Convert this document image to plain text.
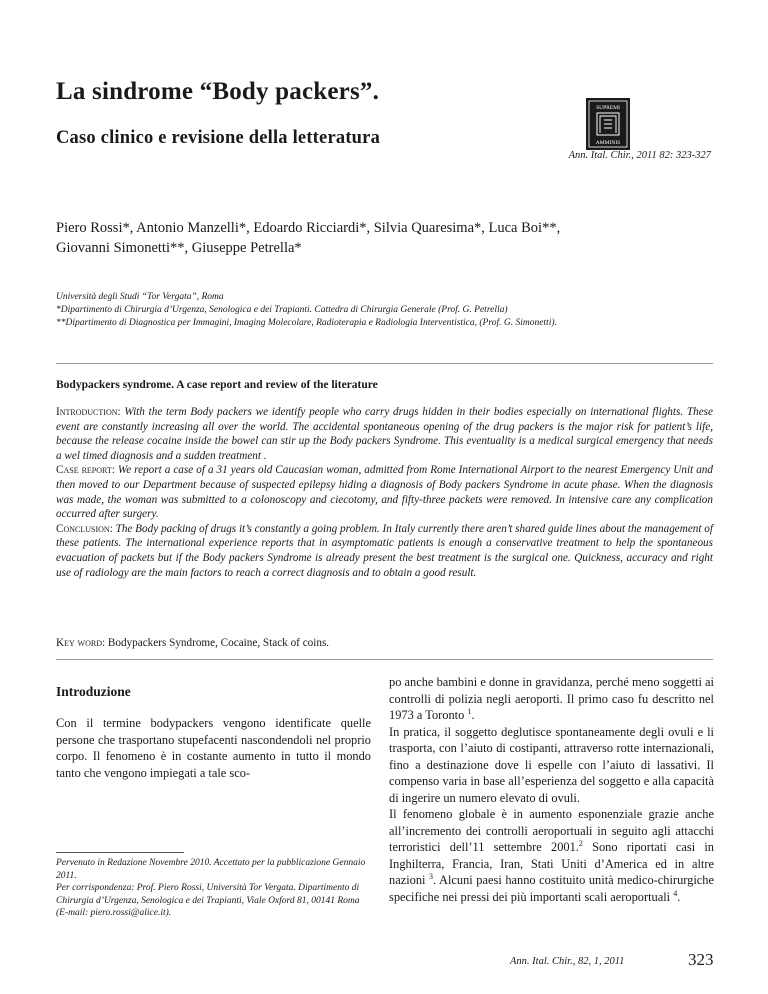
La sindrome “Body packers”.
Caso clinico e revisione della letteratura
SUPREMI
AMMINIS
Ann. Ital. Chir., 2011 82: 323-327
Piero Rossi*, Antonio Manzelli*, Edoardo Ricciardi*, Silvia Quaresima*, Luca Boi**,
Giovanni Simonetti**, Giuseppe Petrella*
Università degli Studi “Tor Vergata”, Roma
*Dipartimento di Chirurgia d’Urgenza, Senologica e dei Trapianti. Cattedra di Chirurgia Generale (Prof. G. Petrella)
**Dipartimento di Diagnostica per Immagini, Imaging Molecolare, Radioterapia e Radiologia Interventistica, (Prof. G. Simonetti).
Bodypackers syndrome. A case report and review of the literature
Introduction: With the term Body packers we identify people who carry drugs hidden in their bodies especially on international flights. These event are constantly increasing all over the world. The accidental spontaneous opening of the drug packers is the major risk for patient’s life, because the release cocaine inside the bowel can stir up the Body packers Syndrome. This eventuality is a medical surgical emergency that needs a wel timed diagnosis and a sudden treatment .
Case report: We report a case of a 31 years old Caucasian woman, admitted from Rome International Airport to the nearest Emergency Unit and then moved to our Department because of suspected epilepsy hiding a diagnosis of Body packers Syndrome in acute phase. When the diagnosis was made, the woman was submitted to a colonoscopy and ciecotomy, and fifty-three packets were removed. In intensive care any complication occurred after surgery.
Conclusion: The Body packing of drugs it’s constantly a going problem. In Italy currently there aren’t shared guide lines about the management of these patients. The international experience reports that in asymptomatic patients is enough a conservative treatment to help the spontaneous evacuation of packets but if the Body packers Syndrome is already present the best treatment is the surgical one. Quickness, accuracy and right use of radiology are the main factors to reach a correct diagnosis and to obtain a good result.
Key word: Bodypackers Syndrome, Cocaine, Stack of coins.
Introduzione
Con il termine bodypackers vengono identificate quelle persone che trasportano stupefacenti nascondendoli nel proprio corpo. Il fenomeno è in costante aumento in tutto il mondo tanto che vengono impiegati a tale sco-

po anche bambini e donne in gravidanza, perché meno soggetti ai controlli di polizia negli aeroporti. Il primo caso fu descritto nel 1973 a Toronto $^1$.

In pratica, il soggetto deglutisce spontaneamente degli ovuli e li trasporta, con l’aiuto di costipanti, attraverso rotte internazionali, fino a destinazione dove li espelle con l’aiuto di lassativi. Il compenso varia in base all’esperienza del soggetto e alla capacità di ingerire un numero elevato di ovuli.

Il fenomeno globale è in aumento esponenziale grazie anche all’incremento dei controlli aeroportuali in seguito agli attacchi terroristici dell’11 settembre 2001.$^2$ Sono riportati casi in Inghilterra, Francia, Iran, Stati Uniti d’America ed in altre nazioni $^3$. Alcuni paesi hanno costituito unità medico-chirurgiche specifiche nei pressi dei più importanti scali aeroportuali $^4$.

Pervenuto in Redazione Novembre 2010. Accettato per la pubblicazione Gennaio 2011.
Per corrispondenza: Prof. Piero Rossi, Università Tor Vergata. Dipartimento di Chirurgia d’Urgenza, Senologica e dei Trapianti, Viale Oxford 81, 00141 Roma (E-mail: piero.rossi@alice.it).
Ann. Ital. Chir., 82, 1, 2011	323
